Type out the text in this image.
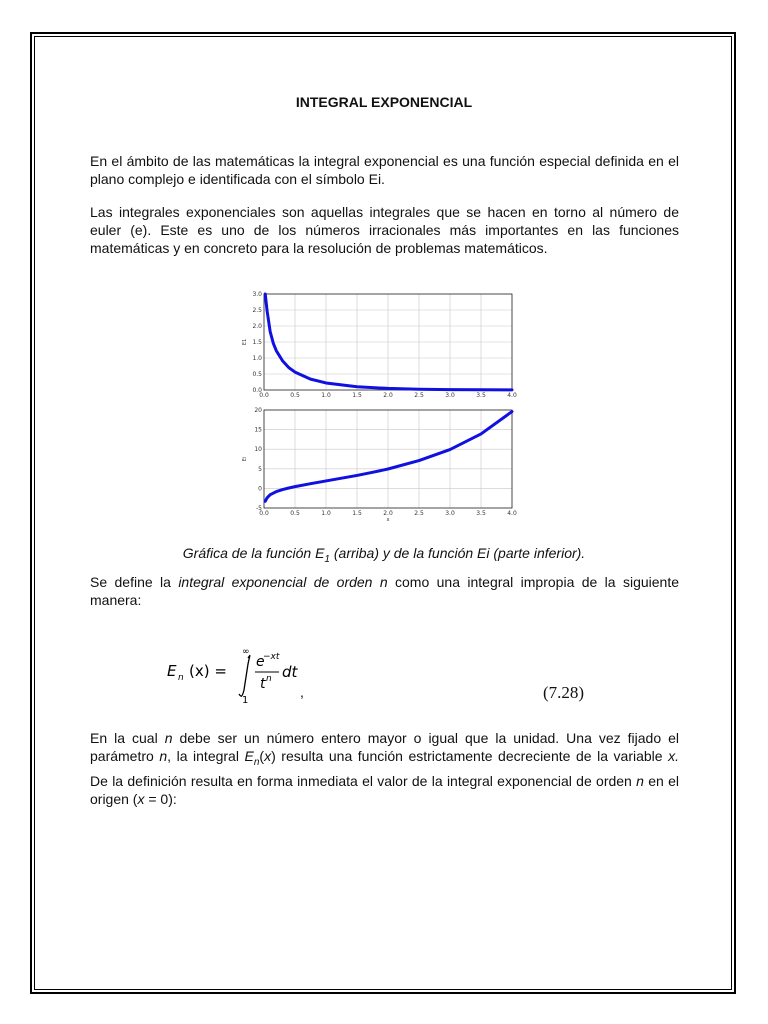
INTEGRAL EXPONENCIAL

En el ámbito de las matemáticas la integral exponencial es una función especial definida en el plano complejo e identificada con el símbolo Ei.

Las integrales exponenciales son aquellas integrales que se hacen en torno al número de euler (e). Este es uno de los números irracionales más importantes en las funciones matemáticas y en concreto para la resolución de problemas matemáticos.

0.0	0.5	1.0	1.5	2.0	2.5	3.0	3.5	4.0
0.0
0.5
1.0
1.5
2.0
2.5
3.0
E1
0.0	0.5	1.0	1.5	2.0	2.5	3.0	3.5	4.0
-5
0
5
10
15
20
Ei
x
Gráfica de la función $E_1$ (arriba) y de la función Ei (parte inferior).

Se define la integral exponencial de orden n como una integral impropia de la siguiente manera:

E n (x) =
∞
1
e
−xt
t n dt
,	(7.28)

En la cual n debe ser un número entero mayor o igual que la unidad. Una vez fijado el parámetro n, la integral $E_n(x)$ resulta una función estrictamente decreciente de la variable x. De la definición resulta en forma inmediata el valor de la integral exponencial de orden n en el origen (x = 0):
